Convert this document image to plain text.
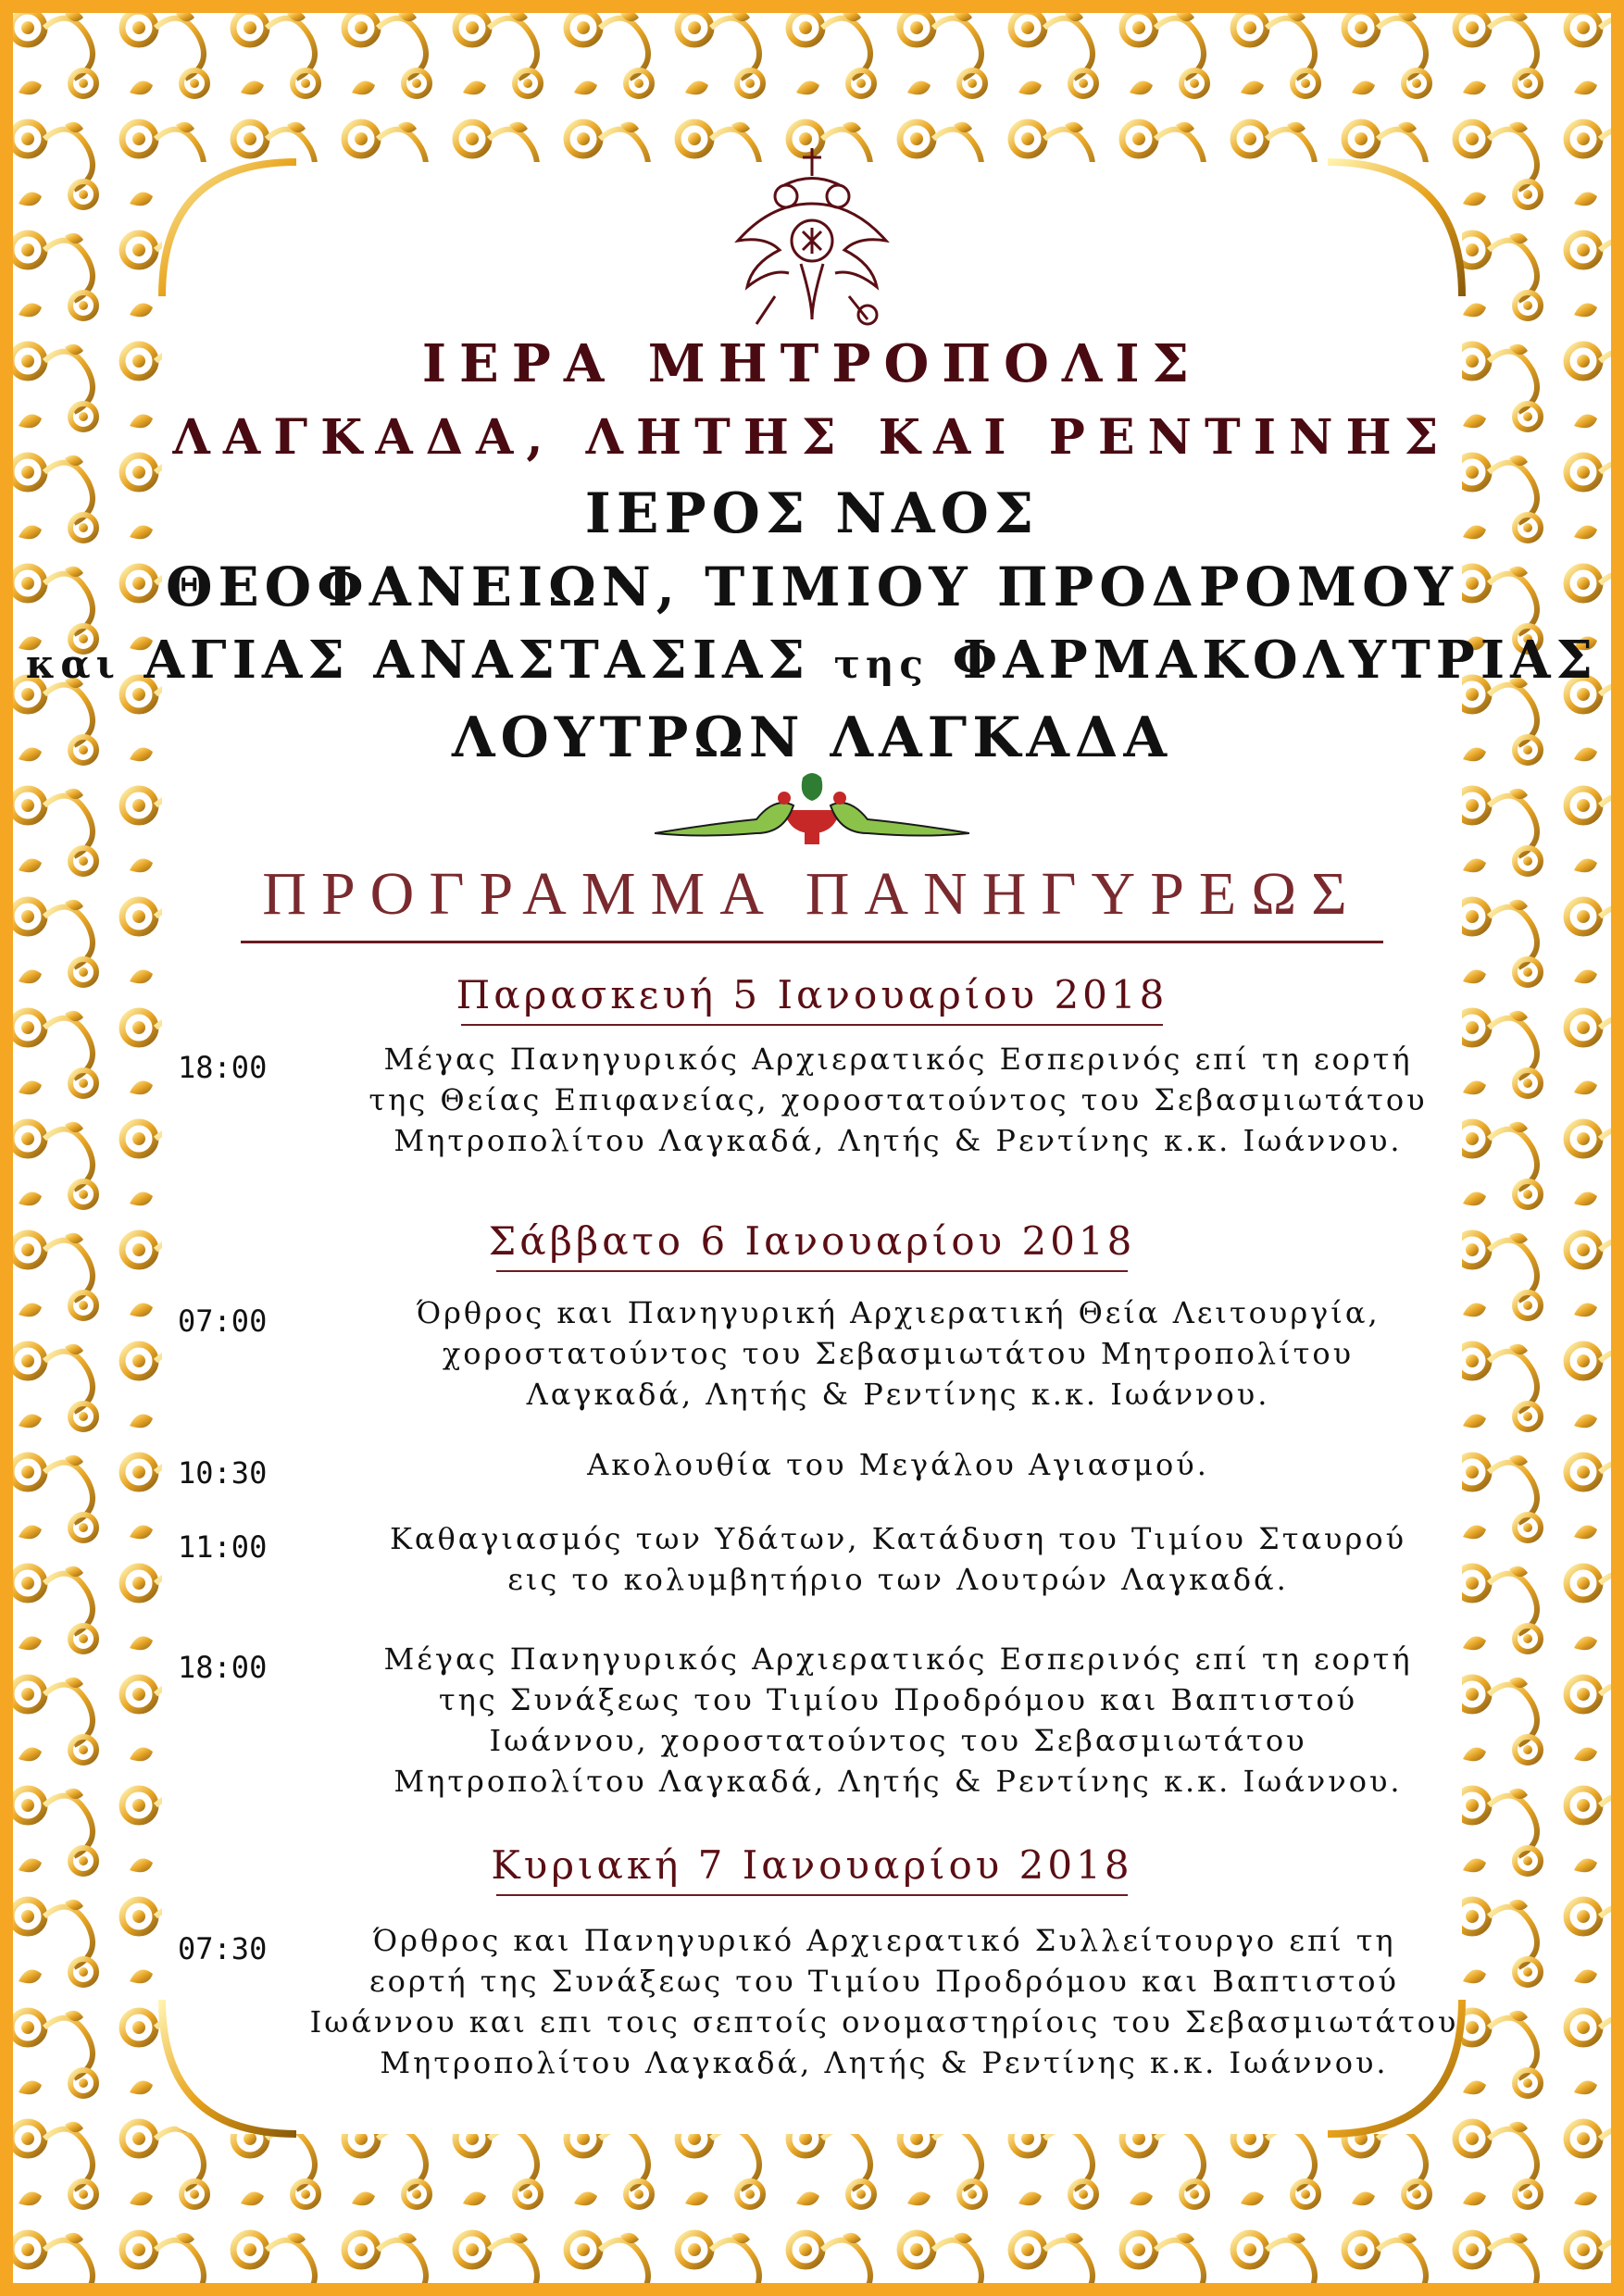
ΙΕΡΑ ΜΗΤΡΟΠΟΛΙΣ
ΛΑΓΚΑΔΑ, ΛΗΤΗΣ ΚΑΙ ΡΕΝΤΙΝΗΣ
ΙΕΡΟΣ ΝΑΟΣ
ΘΕΟΦΑΝΕΙΩΝ, ΤΙΜΙΟΥ ΠΡΟΔΡΟΜΟΥ
και ΑΓΙΑΣ ΑΝΑΣΤΑΣΙΑΣ της ΦΑΡΜΑΚΟΛΥΤΡΙΑΣ
ΛΟΥΤΡΩΝ ΛΑΓΚΑΔΑ
ΠΡΟΓΡΑΜΜΑ ΠΑΝΗΓΥΡΕΩΣ
Παρασκευή 5 Ιανουαρίου 2018
18:00	Μέγας Πανηγυρικός Αρχιερατικός Εσπερινός επί τη εορτή
της Θείας Επιφανείας, χοροστατούντος του Σεβασμιωτάτου
Μητροπολίτου Λαγκαδά, Λητής & Ρεντίνης κ.κ. Ιωάννου.
Σάββατο 6 Ιανουαρίου 2018
07:00	Όρθρος και Πανηγυρική Αρχιερατική Θεία Λειτουργία,
χοροστατούντος του Σεβασμιωτάτου Μητροπολίτου
Λαγκαδά, Λητής & Ρεντίνης κ.κ. Ιωάννου.
10:30	Ακολουθία του Μεγάλου Αγιασμού.
11:00	Καθαγιασμός των Υδάτων, Κατάδυση του Τιμίου Σταυρού
εις το κολυμβητήριο των Λουτρών Λαγκαδά.
18:00	Μέγας Πανηγυρικός Αρχιερατικός Εσπερινός επί τη εορτή
της Συνάξεως του Τιμίου Προδρόμου και Βαπτιστού
Ιωάννου, χοροστατούντος του Σεβασμιωτάτου
Μητροπολίτου Λαγκαδά, Λητής & Ρεντίνης κ.κ. Ιωάννου.
Κυριακή 7 Ιανουαρίου 2018
07:30	Όρθρος και Πανηγυρικό Αρχιερατικό Συλλείτουργο επί τη
εορτή της Συνάξεως του Τιμίου Προδρόμου και Βαπτιστού
Ιωάννου και επι τοις σεπτοίς ονομαστηρίοις του Σεβασμιωτάτου
Μητροπολίτου Λαγκαδά, Λητής & Ρεντίνης κ.κ. Ιωάννου.
